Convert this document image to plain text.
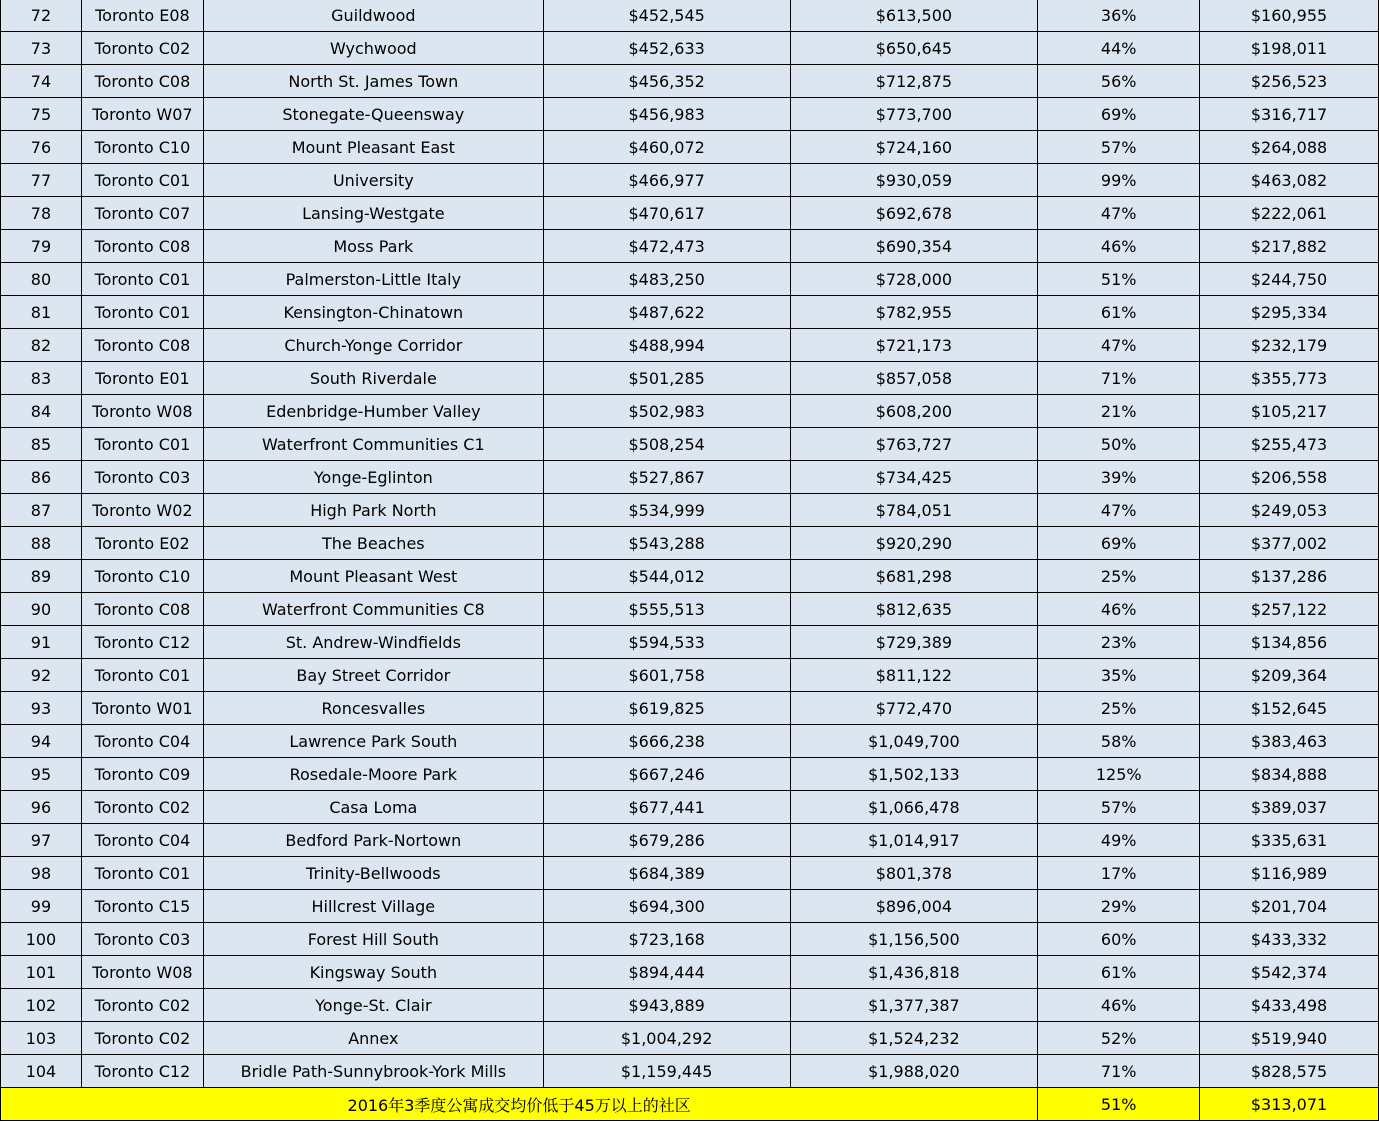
72	Toronto E08	Guildwood	$452,545	$613,500	36%	$160,955
73	Toronto C02	Wychwood	$452,633	$650,645	44%	$198,011
74	Toronto C08	North St. James Town	$456,352	$712,875	56%	$256,523
75	Toronto W07	Stonegate-Queensway	$456,983	$773,700	69%	$316,717
76	Toronto C10	Mount Pleasant East	$460,072	$724,160	57%	$264,088
77	Toronto C01	University	$466,977	$930,059	99%	$463,082
78	Toronto C07	Lansing-Westgate	$470,617	$692,678	47%	$222,061
79	Toronto C08	Moss Park	$472,473	$690,354	46%	$217,882
80	Toronto C01	Palmerston-Little Italy	$483,250	$728,000	51%	$244,750
81	Toronto C01	Kensington-Chinatown	$487,622	$782,955	61%	$295,334
82	Toronto C08	Church-Yonge Corridor	$488,994	$721,173	47%	$232,179
83	Toronto E01	South Riverdale	$501,285	$857,058	71%	$355,773
84	Toronto W08	Edenbridge-Humber Valley	$502,983	$608,200	21%	$105,217
85	Toronto C01	Waterfront Communities C1	$508,254	$763,727	50%	$255,473
86	Toronto C03	Yonge-Eglinton	$527,867	$734,425	39%	$206,558
87	Toronto W02	High Park North	$534,999	$784,051	47%	$249,053
88	Toronto E02	The Beaches	$543,288	$920,290	69%	$377,002
89	Toronto C10	Mount Pleasant West	$544,012	$681,298	25%	$137,286
90	Toronto C08	Waterfront Communities C8	$555,513	$812,635	46%	$257,122
91	Toronto C12	St. Andrew-Windfields	$594,533	$729,389	23%	$134,856
92	Toronto C01	Bay Street Corridor	$601,758	$811,122	35%	$209,364
93	Toronto W01	Roncesvalles	$619,825	$772,470	25%	$152,645
94	Toronto C04	Lawrence Park South	$666,238	$1,049,700	58%	$383,463
95	Toronto C09	Rosedale-Moore Park	$667,246	$1,502,133	125%	$834,888
96	Toronto C02	Casa Loma	$677,441	$1,066,478	57%	$389,037
97	Toronto C04	Bedford Park-Nortown	$679,286	$1,014,917	49%	$335,631
98	Toronto C01	Trinity-Bellwoods	$684,389	$801,378	17%	$116,989
99	Toronto C15	Hillcrest Village	$694,300	$896,004	29%	$201,704
100	Toronto C03	Forest Hill South	$723,168	$1,156,500	60%	$433,332
101	Toronto W08	Kingsway South	$894,444	$1,436,818	61%	$542,374
102	Toronto C02	Yonge-St. Clair	$943,889	$1,377,387	46%	$433,498
103	Toronto C02	Annex	$1,004,292	$1,524,232	52%	$519,940
104	Toronto C12	Bridle Path-Sunnybrook-York Mills	$1,159,445	$1,988,020	71%	$828,575
2016年3季度公寓成交均价低于45万以上的社区					51%	$313,071
